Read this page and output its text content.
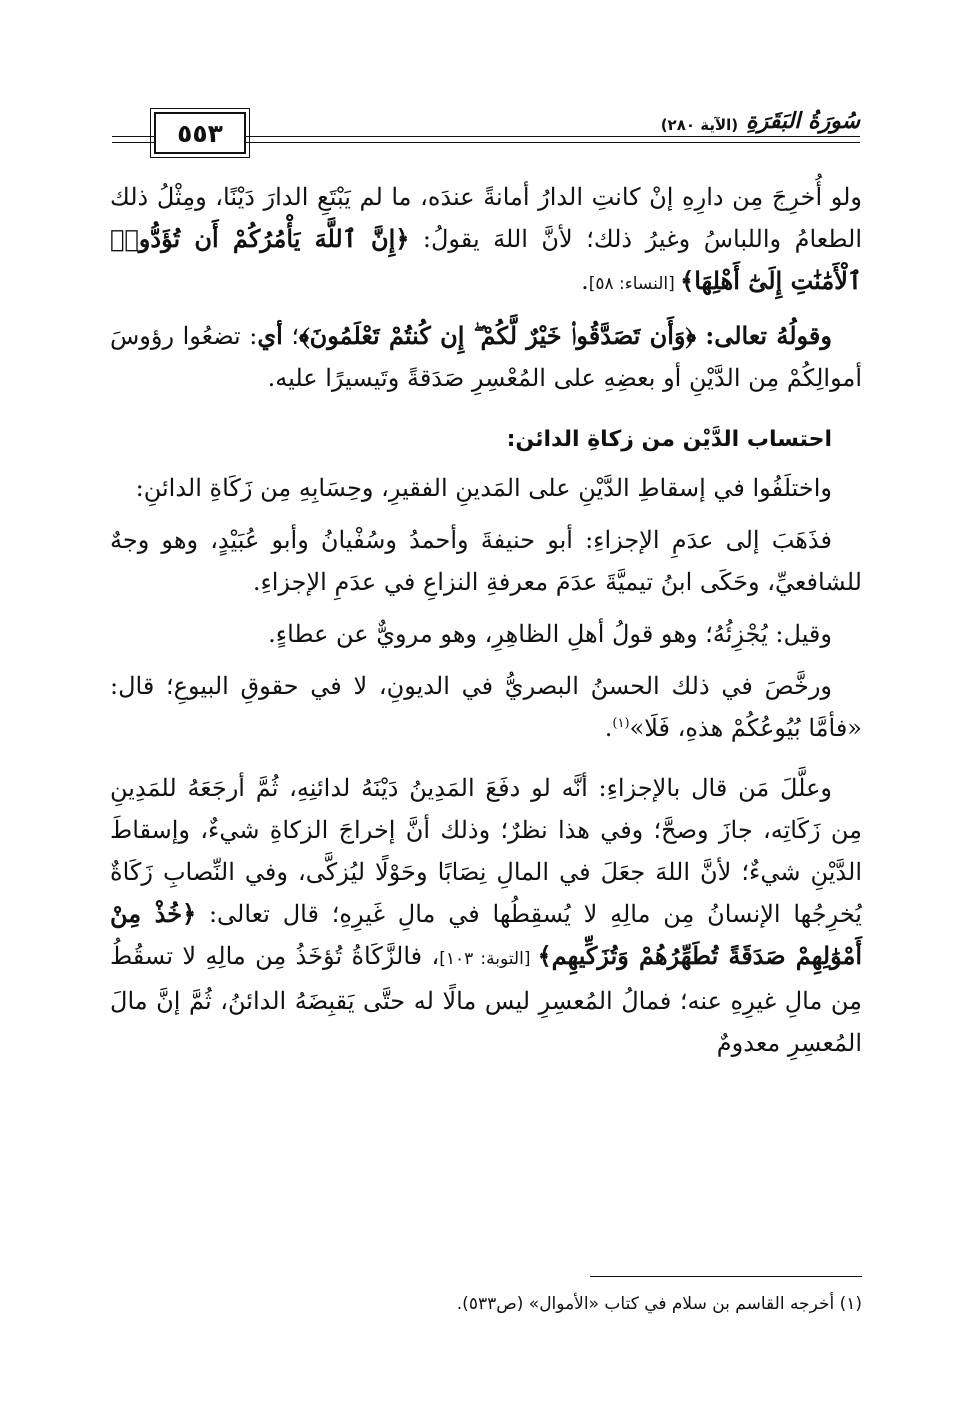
٥٥٣	سُورَةُ البَقَرَةِ
(الآية ٢٨٠)

ولو أُخرِجَ مِن دارِهِ إنْ كانتِ الدارُ أمانةً عندَه، ما لم يَبْتَعِ الدارَ دَيْنًا، ومِثْلُ ذلك الطعامُ واللباسُ وغيرُ ذلك؛ لأنَّ اللهَ يقولُ: ﴿إِنَّ ٱللَّهَ يَأْمُرُكُمْ أَن تُؤَدُّوا۟ ٱلْأَمَٰنَٰتِ إِلَىٰٓ أَهْلِهَا﴾ [النساء: ٥٨].

وقولُهُ تعالى: ﴿وَأَن تَصَدَّقُوا۟ خَيْرٌ لَّكُمْ ۖ إِن كُنتُمْ تَعْلَمُونَ﴾؛ أي: تضعُوا رؤوسَ أموالِكُمْ مِن الدَّيْنِ أو بعضِهِ على المُعْسِرِ صَدَقةً وتَيسيرًا عليه.

احتساب الدَّيْن من زكاةِ الدائن:

واختلَفُوا في إسقاطِ الدَّيْنِ على المَدينِ الفقيرِ، وحِسَابِهِ مِن زَكَاةِ الدائنِ:

فذَهَبَ إلى عدَمِ الإجزاءِ: أبو حنيفةَ وأحمدُ وسُفْيانُ وأبو عُبَيْدٍ، وهو وجهٌ للشافعيِّ، وحَكَى ابنُ تيميَّةَ عدَمَ معرفةِ النزاعِ في عدَمِ الإجزاءِ.

وقيل: يُجْزِئُهُ؛ وهو قولُ أهلِ الظاهِرِ، وهو مرويٌّ عن عطاءٍ.

ورخَّصَ في ذلك الحسنُ البصريُّ في الديونِ، لا في حقوقِ البيوعِ؛ قال: «فأمَّا بُيُوعُكُمْ هذهِ، فَلَا»$^{(١)}$.

وعلَّلَ مَن قال بالإجزاءِ: أنَّه لو دفَعَ المَدِينُ دَيْنَهُ لدائنِهِ، ثُمَّ أرجَعَهُ للمَدِينِ مِن زَكَاتِه، جازَ وصحَّ؛ وفي هذا نظرٌ؛ وذلك أنَّ إخراجَ الزكاةِ شيءٌ، وإسقاطَ الدَّيْنِ شيءٌ؛ لأنَّ اللهَ جعَلَ في المالِ نِصَابًا وحَوْلًا ليُزكَّى، وفي النِّصابِ زَكَاةٌ يُخرِجُها الإنسانُ مِن مالِهِ لا يُسقِطُها في مالِ غَيرِهِ؛ قال تعالى: ﴿خُذْ مِنْ أَمْوَٰلِهِمْ صَدَقَةً تُطَهِّرُهُمْ وَتُزَكِّيهِم﴾ [التوبة: ١٠٣]، فالزَّكَاةُ تُؤخَذُ مِن مالِهِ لا تسقُطُ مِن مالِ غيرِهِ عنه؛ فمالُ المُعسِرِ ليس مالًا له حتَّى يَقبِضَهُ الدائنُ، ثُمَّ إنَّ مالَ المُعسِرِ معدومٌ

(١) أخرجه القاسم بن سلام في كتاب «الأموال» (ص٥٣٣).
